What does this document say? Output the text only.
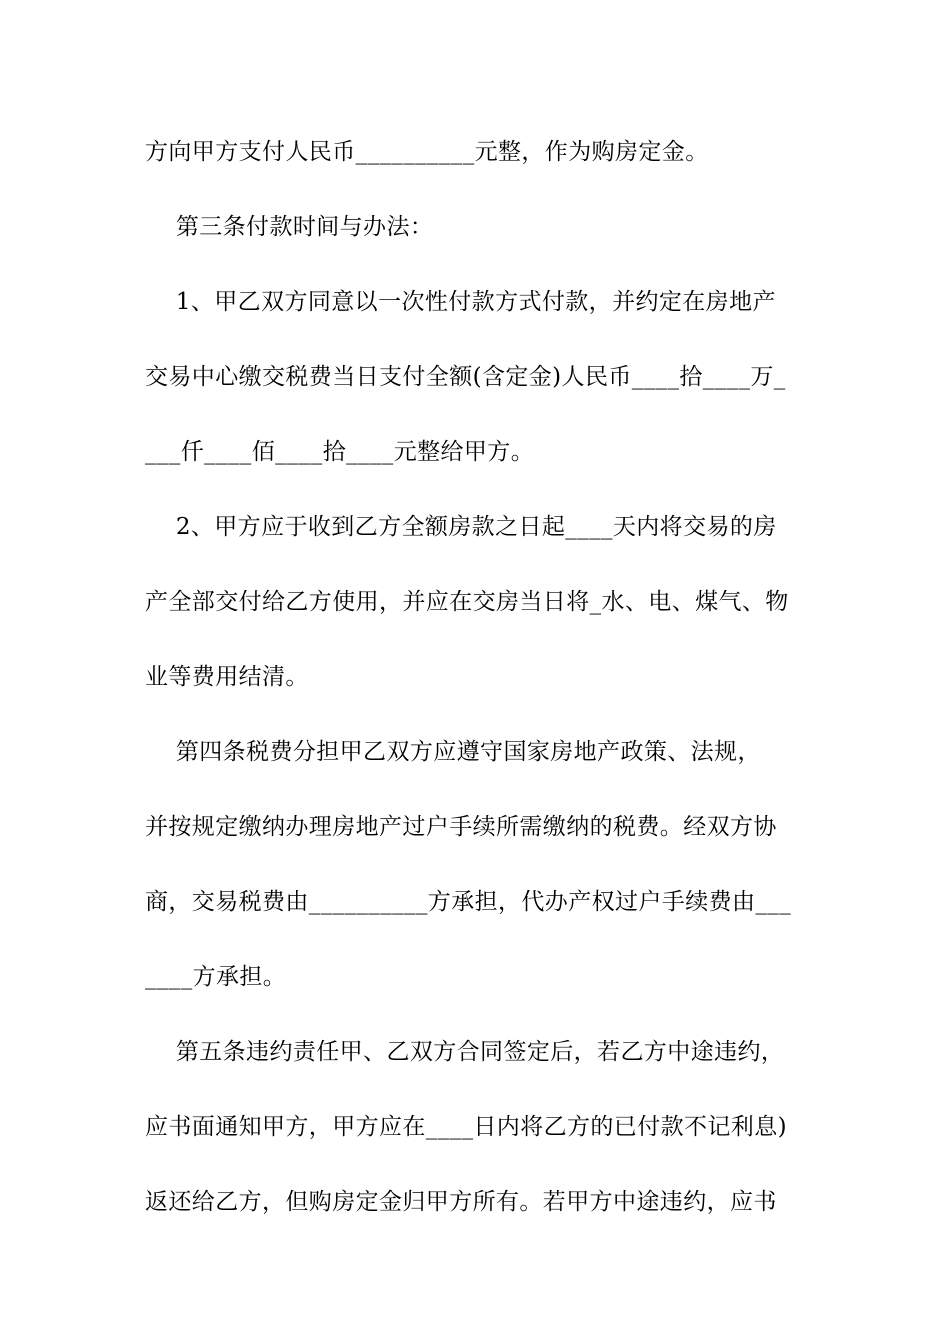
方向甲方支付人民币__________元整，作为购房定金。

第三条付款时间与办法：

1、甲乙双方同意以一次性付款方式付款，并约定在房地产

交易中心缴交税费当日支付全额(含定金)人民币____拾____万_

___仟____佰____拾____元整给甲方。

2、甲方应于收到乙方全额房款之日起____天内将交易的房

产全部交付给乙方使用，并应在交房当日将_水、电、煤气、物

业等费用结清。

第四条税费分担甲乙双方应遵守国家房地产政策、法规，

并按规定缴纳办理房地产过户手续所需缴纳的税费。经双方协

商，交易税费由__________方承担，代办产权过户手续费由___

____方承担。

第五条违约责任甲、乙双方合同签定后，若乙方中途违约，

应书面通知甲方，甲方应在____日内将乙方的已付款不记利息)

返还给乙方，但购房定金归甲方所有。若甲方中途违约，应书
